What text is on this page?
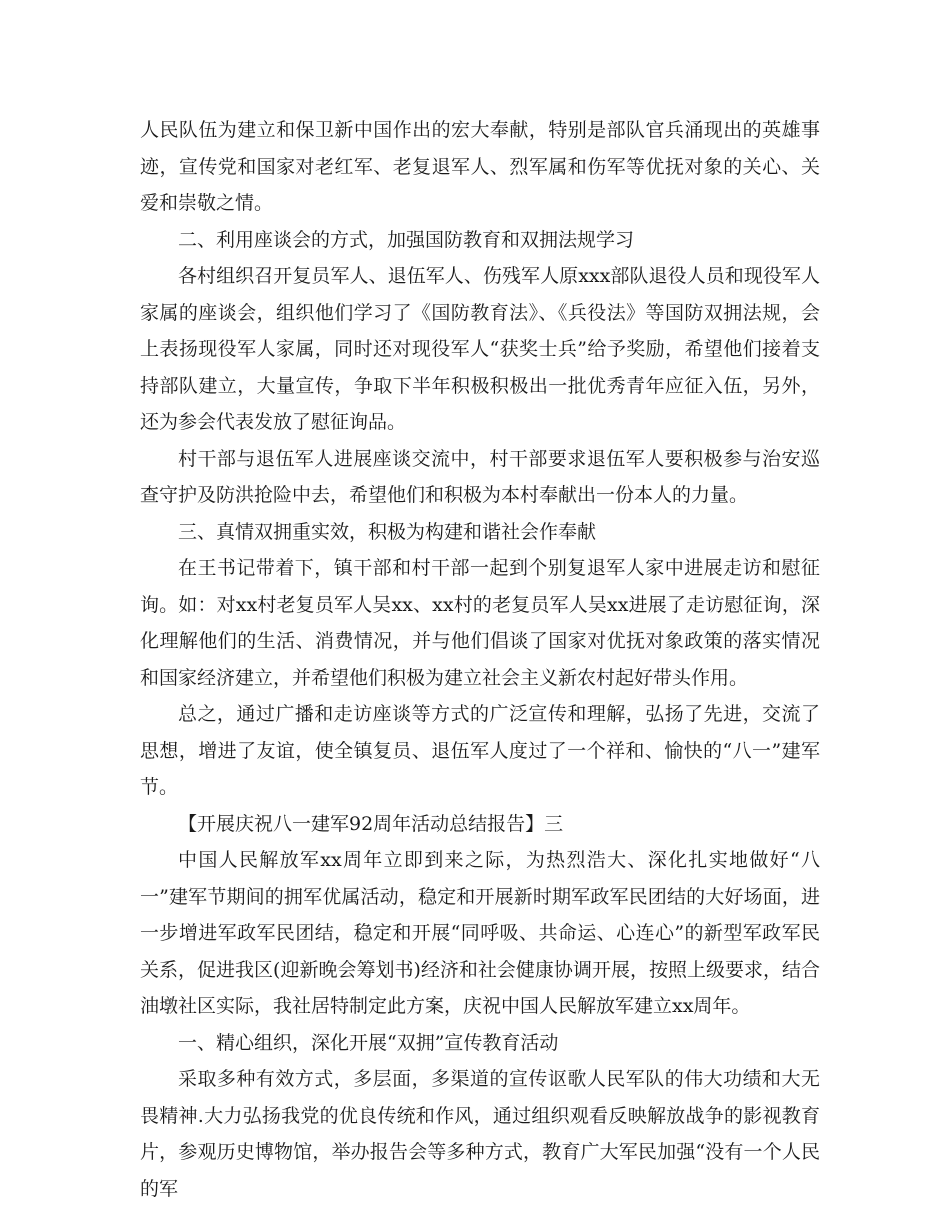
人民队伍为建立和保卫新中国作出的宏大奉献，特别是部队官兵涌现出的英雄事迹，宣传党和国家对老红军、老复退军人、烈军属和伤军等优抚对象的关心、关爱和崇敬之情。

二、利用座谈会的方式，加强国防教育和双拥法规学习

各村组织召开复员军人、退伍军人、伤残军人原xxx部队退役人员和现役军人家属的座谈会，组织他们学习了《国防教育法》、《兵役法》等国防双拥法规，会上表扬现役军人家属，同时还对现役军人“获奖士兵”给予奖励，希望他们接着支持部队建立，大量宣传，争取下半年积极积极出一批优秀青年应征入伍，另外，还为参会代表发放了慰征询品。

村干部与退伍军人进展座谈交流中，村干部要求退伍军人要积极参与治安巡查守护及防洪抢险中去，希望他们和积极为本村奉献出一份本人的力量。

三、真情双拥重实效，积极为构建和谐社会作奉献

在王书记带着下，镇干部和村干部一起到个别复退军人家中进展走访和慰征询。如：对xx村老复员军人吴xx、xx村的老复员军人吴xx进展了走访慰征询，深化理解他们的生活、消费情况，并与他们倡谈了国家对优抚对象政策的落实情况和国家经济建立，并希望他们积极为建立社会主义新农村起好带头作用。

总之，通过广播和走访座谈等方式的广泛宣传和理解，弘扬了先进，交流了思想，增进了友谊，使全镇复员、退伍军人度过了一个祥和、愉快的“八一”建军节。

【开展庆祝八一建军92周年活动总结报告】三

中国人民解放军xx周年立即到来之际，为热烈浩大、深化扎实地做好“八一”建军节期间的拥军优属活动，稳定和开展新时期军政军民团结的大好场面，进一步增进军政军民团结，稳定和开展“同呼吸、共命运、心连心”的新型军政军民关系，促进我区(迎新晚会筹划书)经济和社会健康协调开展，按照上级要求，结合油墩社区实际，我社居特制定此方案，庆祝中国人民解放军建立xx周年。

一、精心组织，深化开展“双拥”宣传教育活动

采取多种有效方式，多层面，多渠道的宣传讴歌人民军队的伟大功绩和大无畏精神.大力弘扬我党的优良传统和作风，通过组织观看反映解放战争的影视教育片，参观历史博物馆，举办报告会等多种方式，教育广大军民加强“没有一个人民的军
